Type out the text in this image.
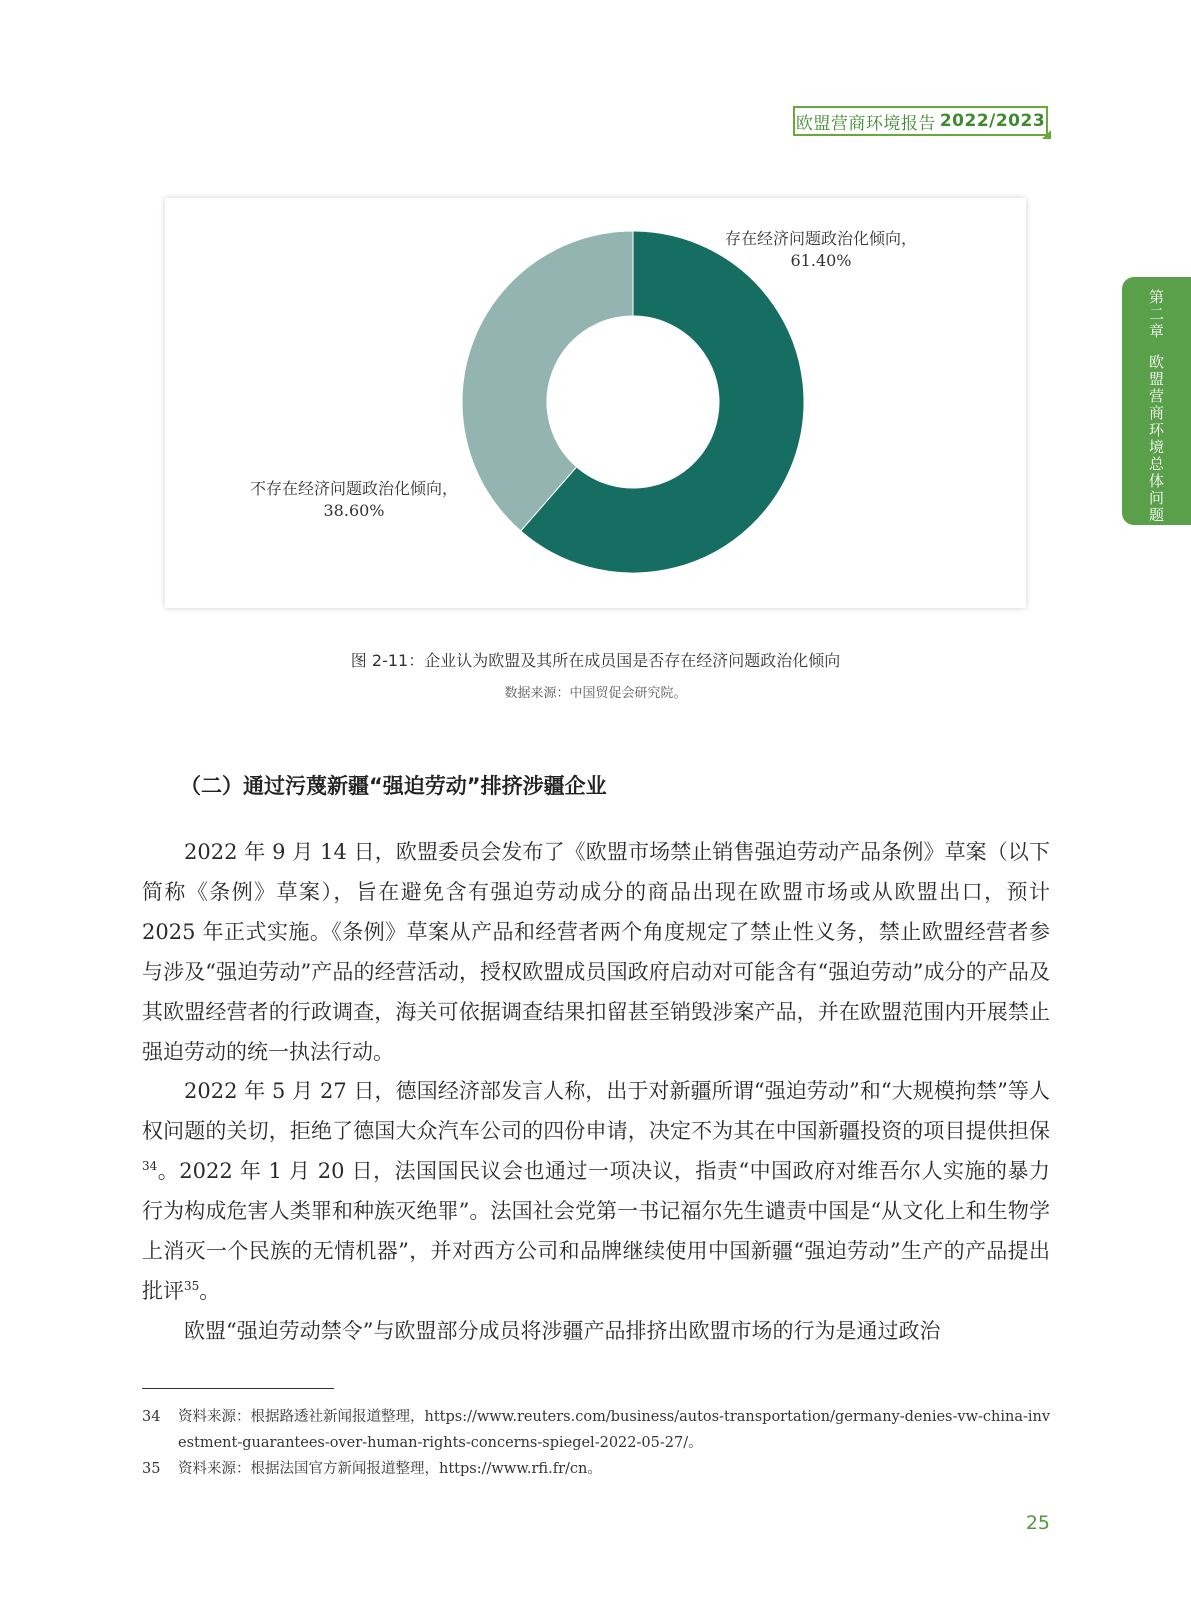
欧盟营商环境报告 2022/2023
第二章
欧盟营商环境总体问题
存在经济问题政治化倾向，
61.40%
不存在经济问题政治化倾向，
38.60%
图 2-11：企业认为欧盟及其所在成员国是否存在经济问题政治化倾向
数据来源：中国贸促会研究院。
（二）通过污蔑新疆“强迫劳动”排挤涉疆企业

2022 年 9 月 14 日，欧盟委员会发布了《欧盟市场禁止销售强迫劳动产品条例》草案（以下简称《条例》草案），旨在避免含有强迫劳动成分的商品出现在欧盟市场或从欧盟出口，预计 2025 年正式实施。《条例》草案从产品和经营者两个角度规定了禁止性义务，禁止欧盟经营者参与涉及“强迫劳动”产品的经营活动，授权欧盟成员国政府启动对可能含有“强迫劳动”成分的产品及其欧盟经营者的行政调查，海关可依据调查结果扣留甚至销毁涉案产品，并在欧盟范围内开展禁止强迫劳动的统一执法行动。

2022 年 5 月 27 日，德国经济部发言人称，出于对新疆所谓“强迫劳动”和“大规模拘禁”等人权问题的关切，拒绝了德国大众汽车公司的四份申请，决定不为其在中国新疆投资的项目提供担保$^{34}$。2022 年 1 月 20 日，法国国民议会也通过一项决议，指责“中国政府对维吾尔人实施的暴力行为构成危害人类罪和种族灭绝罪”。法国社会党第一书记福尔先生谴责中国是“从文化上和生物学上消灭一个民族的无情机器”，并对西方公司和品牌继续使用中国新疆“强迫劳动”生产的产品提出批评$^{35}$。

欧盟“强迫劳动禁令”与欧盟部分成员将涉疆产品排挤出欧盟市场的行为是通过政治

34 资料来源：根据路透社新闻报道整理，https://www.reuters.com/business/autos-transportation/germany-denies-vw-china-investment-guarantees-over-human-rights-concerns-spiegel-2022-05-27/。
35 资料来源：根据法国官方新闻报道整理，https://www.rfi.fr/cn。
25
